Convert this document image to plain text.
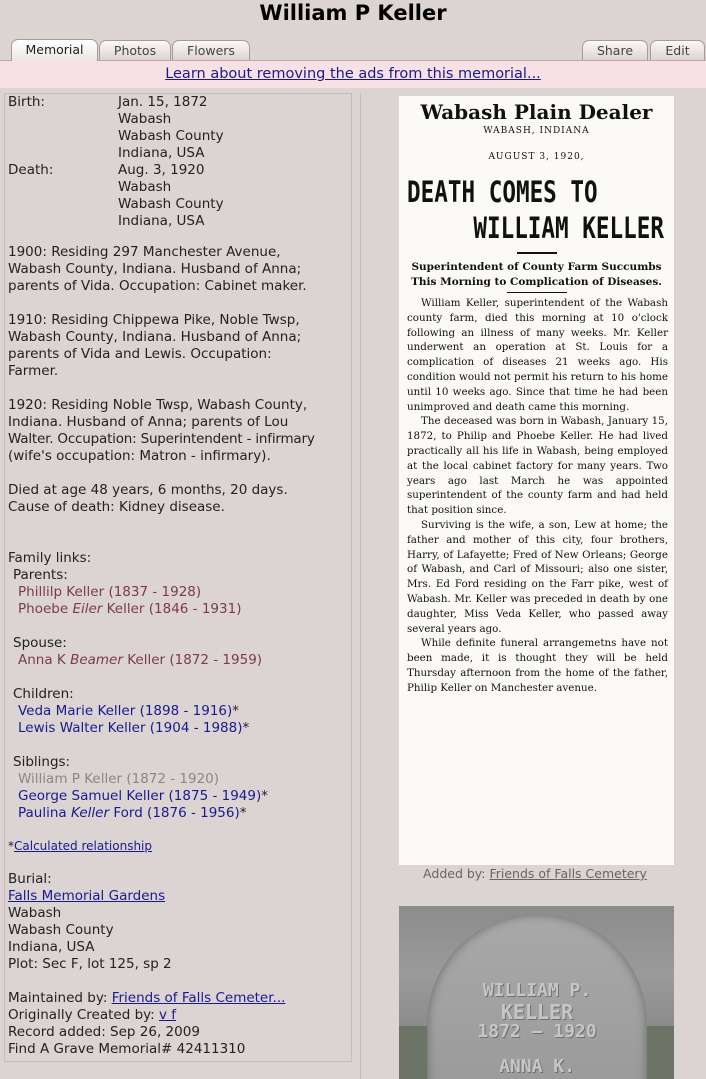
William P Keller
Memorial	Photos	Flowers	Share	Edit
Learn about removing the ads from this memorial...
Birth:	Jan. 15, 1872
Wabash
Wabash County
Indiana, USA
Death:	Aug. 3, 1920
Wabash
Wabash County
Indiana, USA
1900: Residing 297 Manchester Avenue,
Wabash County, Indiana. Husband of Anna;
parents of Vida. Occupation: Cabinet maker.
1910: Residing Chippewa Pike, Noble Twsp,
Wabash County, Indiana. Husband of Anna;
parents of Vida and Lewis. Occupation:
Farmer.
1920: Residing Noble Twsp, Wabash County,
Indiana. Husband of Anna; parents of Lou
Walter. Occupation: Superintendent - infirmary
(wife's occupation: Matron - infirmary).
Died at age 48 years, 6 months, 20 days.
Cause of death: Kidney disease.
Family links:
Parents:
Phillilp Keller (1837 - 1928)
Phoebe Eiler Keller (1846 - 1931)
Spouse:
Anna K Beamer Keller (1872 - 1959)
Children:
Veda Marie Keller (1898 - 1916)*
Lewis Walter Keller (1904 - 1988)*
Siblings:
William P Keller (1872 - 1920)
George Samuel Keller (1875 - 1949)*
Paulina Keller Ford (1876 - 1956)*
*Calculated relationship
Burial:
Falls Memorial Gardens
Wabash
Wabash County
Indiana, USA
Plot: Sec F, lot 125, sp 2
Maintained by: Friends of Falls Cemeter...
Originally Created by: v f
Record added: Sep 26, 2009
Find A Grave Memorial# 42411310
Wabash Plain Dealer
WABASH, INDIANA
AUGUST 3, 1920,
DEATH COMES TO
WILLIAM KELLER
Superintendent of County Farm Succumbs This Morning to Complication of Diseases.

William Keller, superintendent of the Wabash county farm, died this morning at 10 o'clock following an illness of many weeks. Mr. Keller underwent an operation at St. Louis for a complication of diseases 21 weeks ago. His condition would not permit his return to his home until 10 weeks ago. Since that time he had been unimproved and death came this morning.

The deceased was born in Wabash, January 15, 1872, to Philip and Phoebe Keller. He had lived practically all his life in Wabash, being employed at the local cabinet factory for many years. Two years ago last March he was appointed superintendent of the county farm and had held that position since.

Surviving is the wife, a son, Lew at home; the father and mother of this city, four brothers, Harry, of Lafayette; Fred of New Orleans; George of Wabash, and Carl of Missouri; also one sister, Mrs. Ed Ford residing on the Farr pike, west of Wabash. Mr. Keller was preceded in death by one daughter, Miss Veda Keller, who passed away several years ago.

While definite funeral arrangemetns have not been made, it is thought they will be held Thursday afternoon from the home of the father, Philip Keller on Manchester avenue.

Added by: Friends of Falls Cemetery
WILLIAM P.
KELLER
1872 — 1920
ANNA K.
